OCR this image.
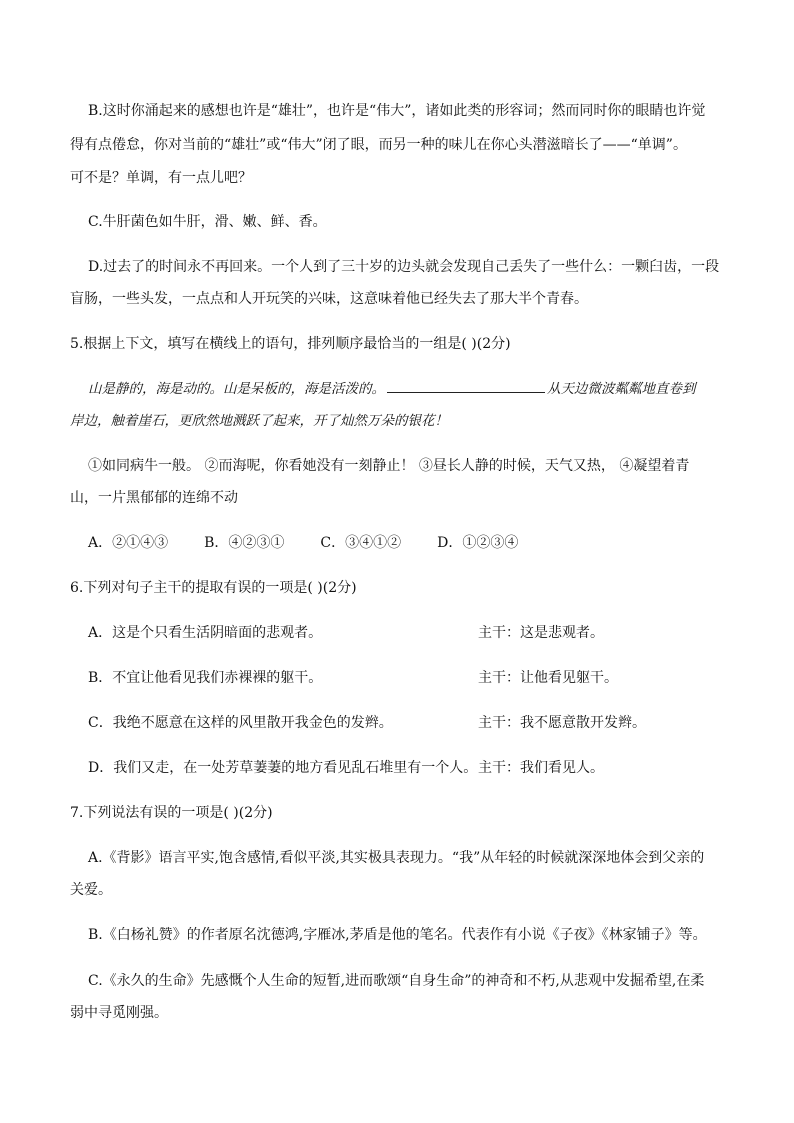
B.这时你涌起来的感想也许是“雄壮”，也许是“伟大”，诸如此类的形容词；然而同时你的眼睛也许觉
得有点倦怠，你对当前的“雄壮”或“伟大”闭了眼，而另一种的味儿在你心头潜滋暗长了——“单调”。
可不是？单调，有一点儿吧？
C.牛肝菌色如牛肝，滑、嫩、鲜、香。
D.过去了的时间永不再回来。一个人到了三十岁的边头就会发现自己丢失了一些什么：一颗臼齿，一段
盲肠，一些头发，一点点和人开玩笑的兴味，这意味着他已经失去了那大半个青春。
5.根据上下文，填写在横线上的语句，排列顺序最恰当的一组是( )(2分)
山是静的，海是动的。山是呆板的，海是活泼的。	从天边微波粼粼地直卷到
岸边，触着崖石，更欣然地溅跃了起来，开了灿然万朵的银花！
①如同病牛一般。 ②而海呢，你看她没有一刻静止！ ③昼长人静的时候，天气又热， ④凝望着青
山，一片黑郁郁的连绵不动
A．②①④③	B．④②③①	C．③④①②	D．①②③④
6.下列对句子主干的提取有误的一项是( )(2分)
A．这是个只看生活阴暗面的悲观者。	主干：这是悲观者。
B．不宜让他看见我们赤裸裸的躯干。	主干：让他看见躯干。
C．我绝不愿意在这样的风里散开我金色的发辫。	主干：我不愿意散开发辫。
D．我们又走，在一处芳草萋萋的地方看见乱石堆里有一个人。 主干：我们看见人。
7.下列说法有误的一项是( )(2分)
A.《背影》语言平实,饱含感情,看似平淡,其实极具表现力。“我”从年轻的时候就深深地体会到父亲的
关爱。
B.《白杨礼赞》的作者原名沈德鸿,字雁冰,茅盾是他的笔名。代表作有小说《子夜》《林家铺子》等。
C.《永久的生命》先感慨个人生命的短暂,进而歌颂“自身生命”的神奇和不朽,从悲观中发掘希望,在柔
弱中寻觅刚强。
